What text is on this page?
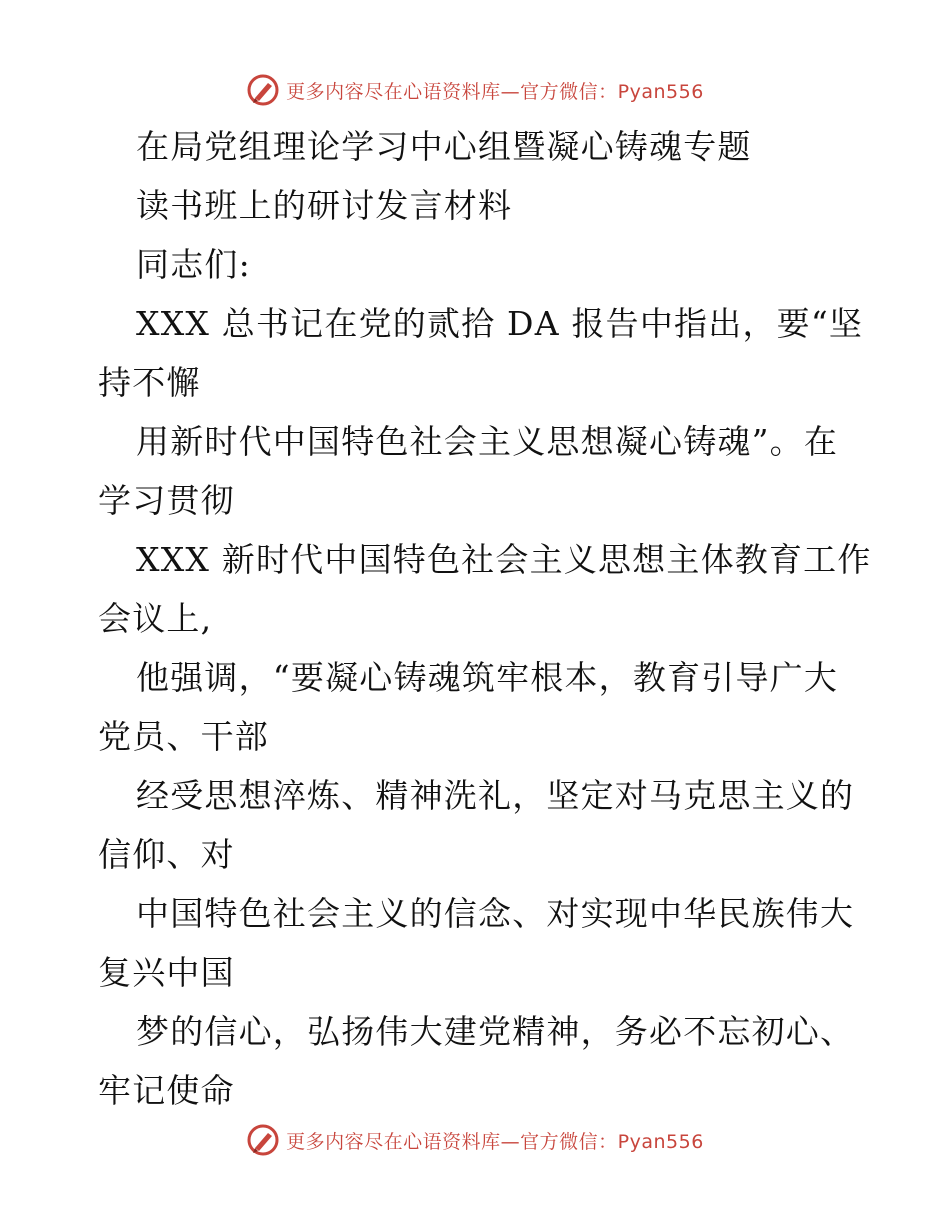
更多内容尽在心语资料库—官方微信：Pyan556
在局党组理论学习中心组暨凝心铸魂专题
读书班上的研讨发言材料
同志们:
XXX 总书记在党的贰拾 DA 报告中指出，要“坚
持不懈
用新时代中国特色社会主义思想凝心铸魂”。在
学习贯彻
XXX 新时代中国特色社会主义思想主体教育工作
会议上,
他强调，“要凝心铸魂筑牢根本，教育引导广大
党员、干部
经受思想淬炼、精神洗礼，坚定对马克思主义的
信仰、对
中国特色社会主义的信念、对实现中华民族伟大
复兴中国
梦的信心，弘扬伟大建党精神，务必不忘初心、
牢记使命
更多内容尽在心语资料库—官方微信：Pyan556
